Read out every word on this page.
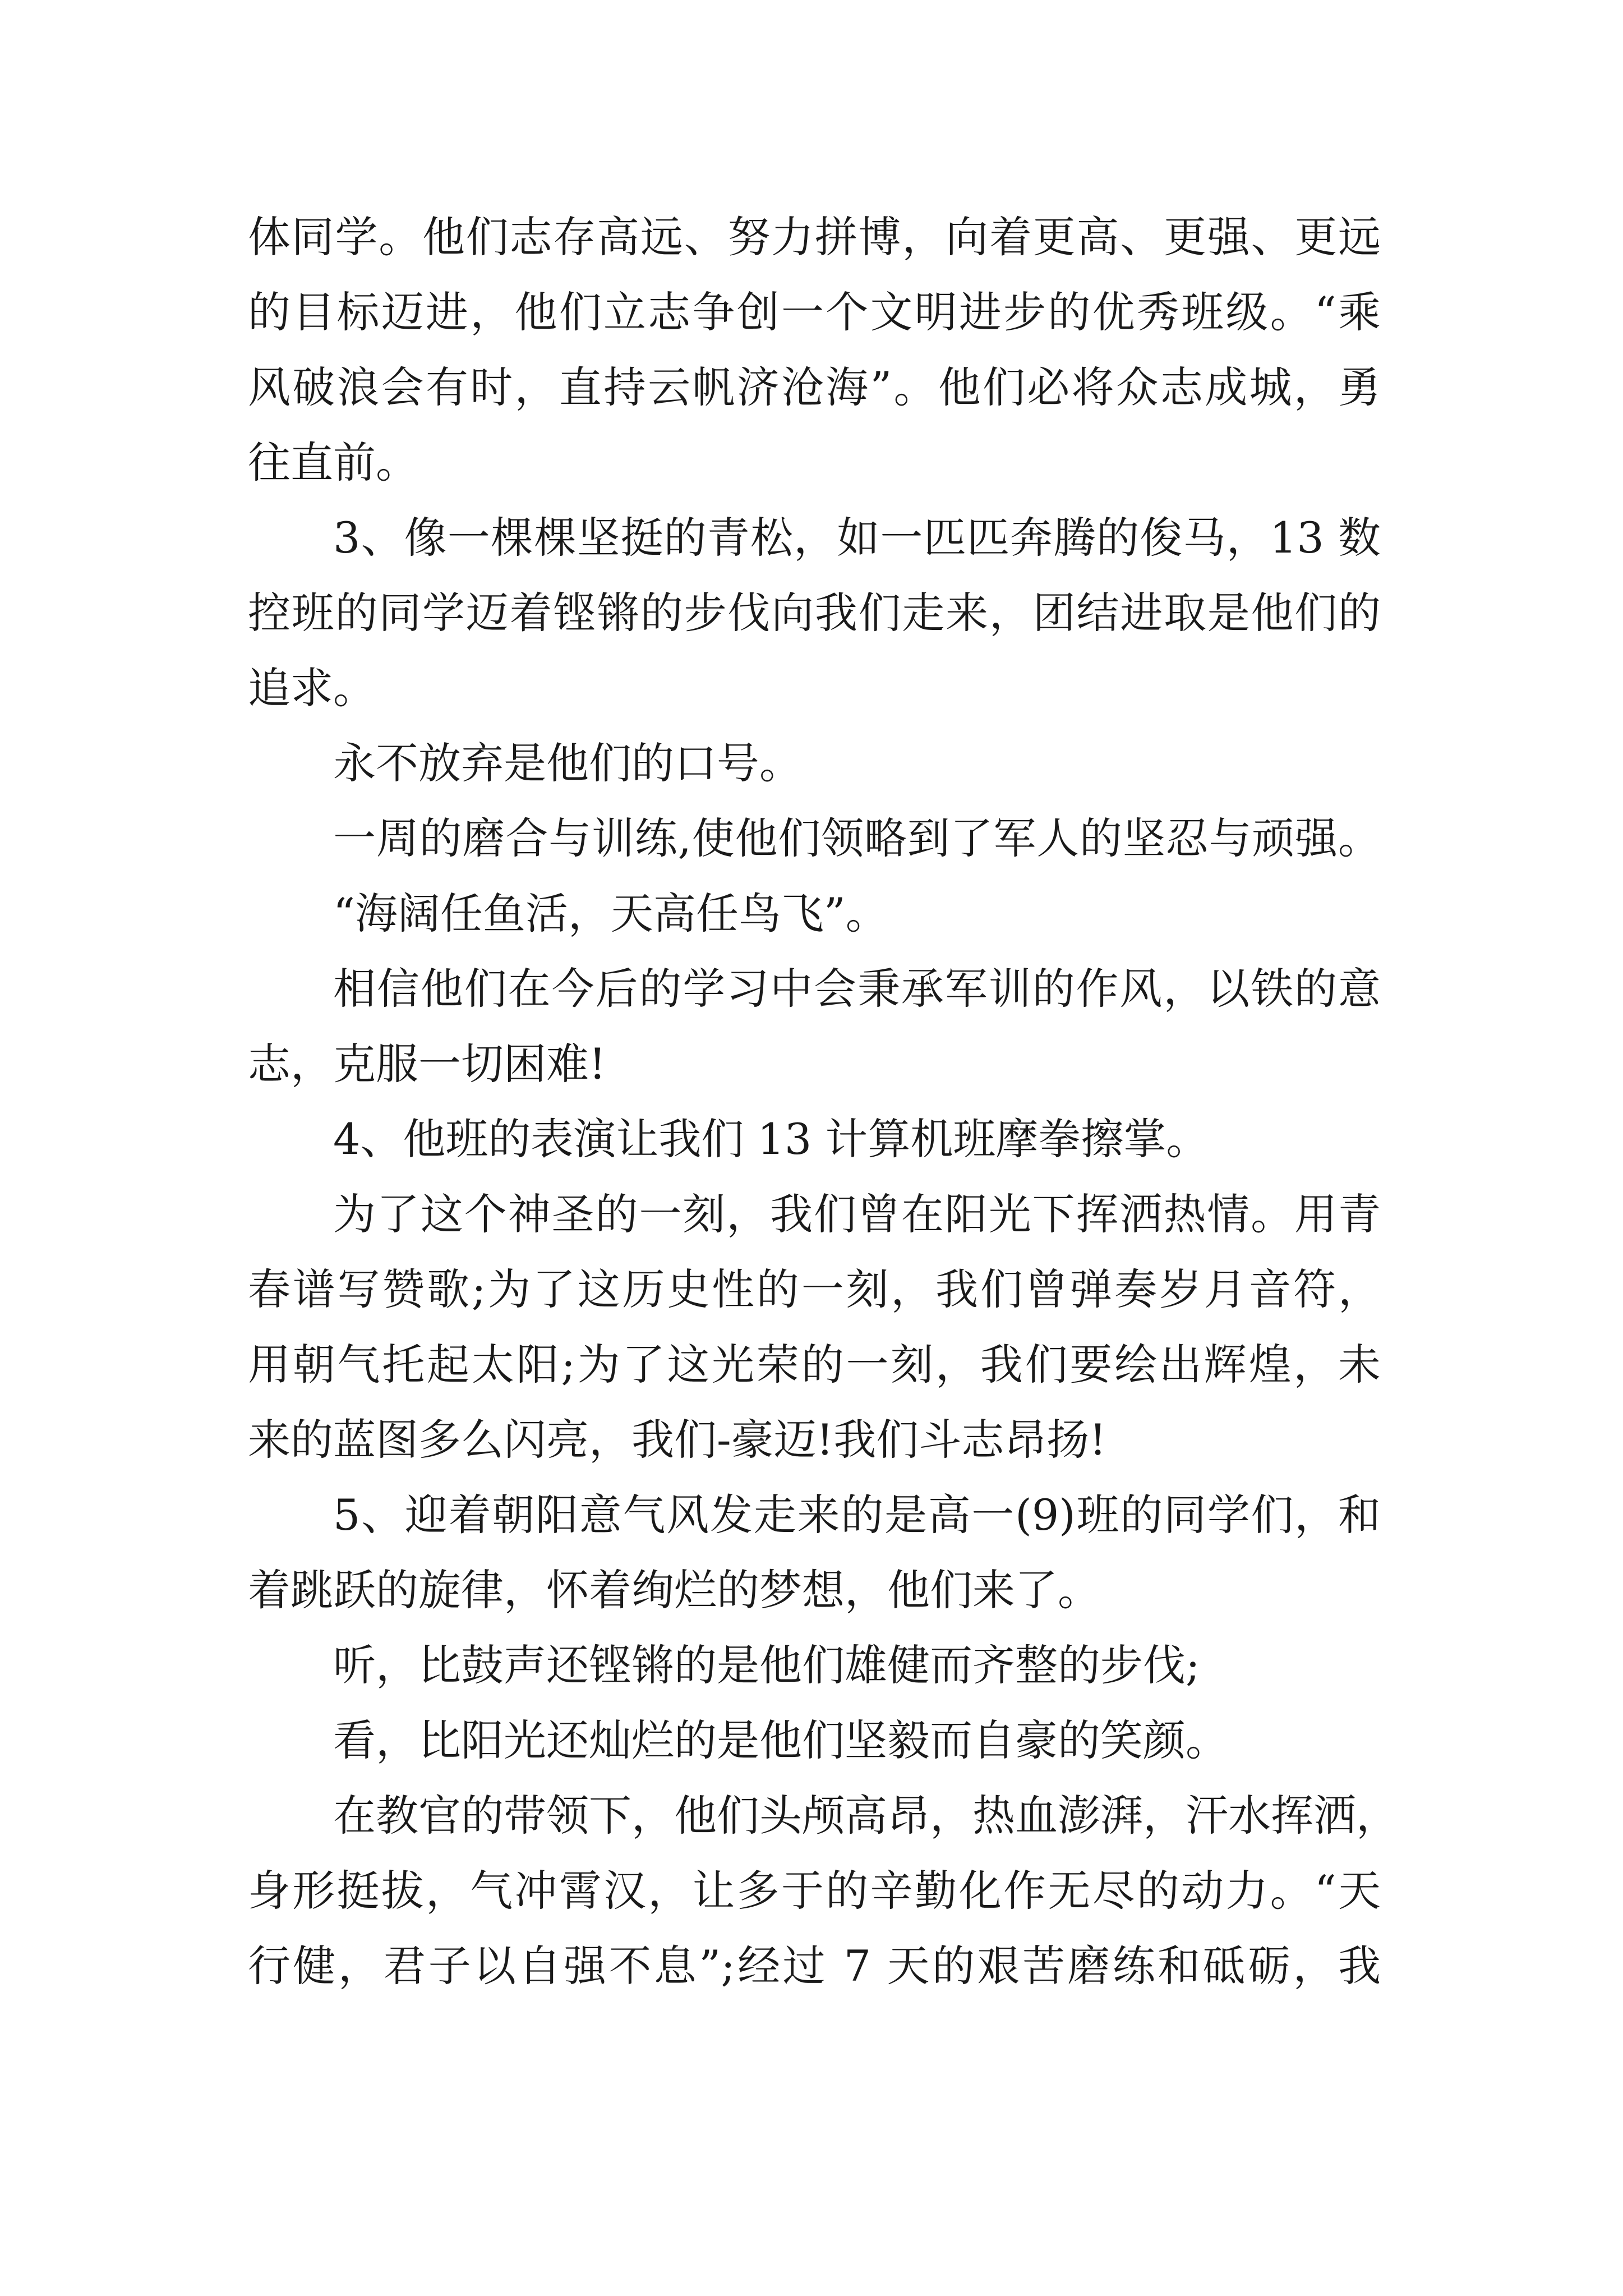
体同学。他们志存高远、努力拼博，向着更高、更强、更远
的目标迈进，他们立志争创一个文明进步的优秀班级。“乘
风破浪会有时，直持云帆济沧海”。他们必将众志成城，勇
往直前。
3、像一棵棵坚挺的青松，如一匹匹奔腾的俊马，13 数
控班的同学迈着铿锵的步伐向我们走来，团结进取是他们的
追求。
永不放弃是他们的口号。
一周的磨合与训练,使他们领略到了军人的坚忍与顽强。
“海阔任鱼活，天高任鸟飞”。
相信他们在今后的学习中会秉承军训的作风，以铁的意
志，克服一切困难!
4、他班的表演让我们 13 计算机班摩拳擦掌。
为了这个神圣的一刻，我们曾在阳光下挥洒热情。用青
春谱写赞歌;为了这历史性的一刻，我们曾弹奏岁月音符，
用朝气托起太阳;为了这光荣的一刻，我们要绘出辉煌，未
来的蓝图多么闪亮，我们-豪迈!我们斗志昂扬!
5、迎着朝阳意气风发走来的是高一(9)班的同学们，和
着跳跃的旋律，怀着绚烂的梦想，他们来了。
听，比鼓声还铿锵的是他们雄健而齐整的步伐;
看，比阳光还灿烂的是他们坚毅而自豪的笑颜。
在教官的带领下，他们头颅高昂，热血澎湃，汗水挥洒，
身形挺拔，气冲霄汉，让多于的辛勤化作无尽的动力。“天
行健，君子以自强不息”;经过 7 天的艰苦磨练和砥砺，我
